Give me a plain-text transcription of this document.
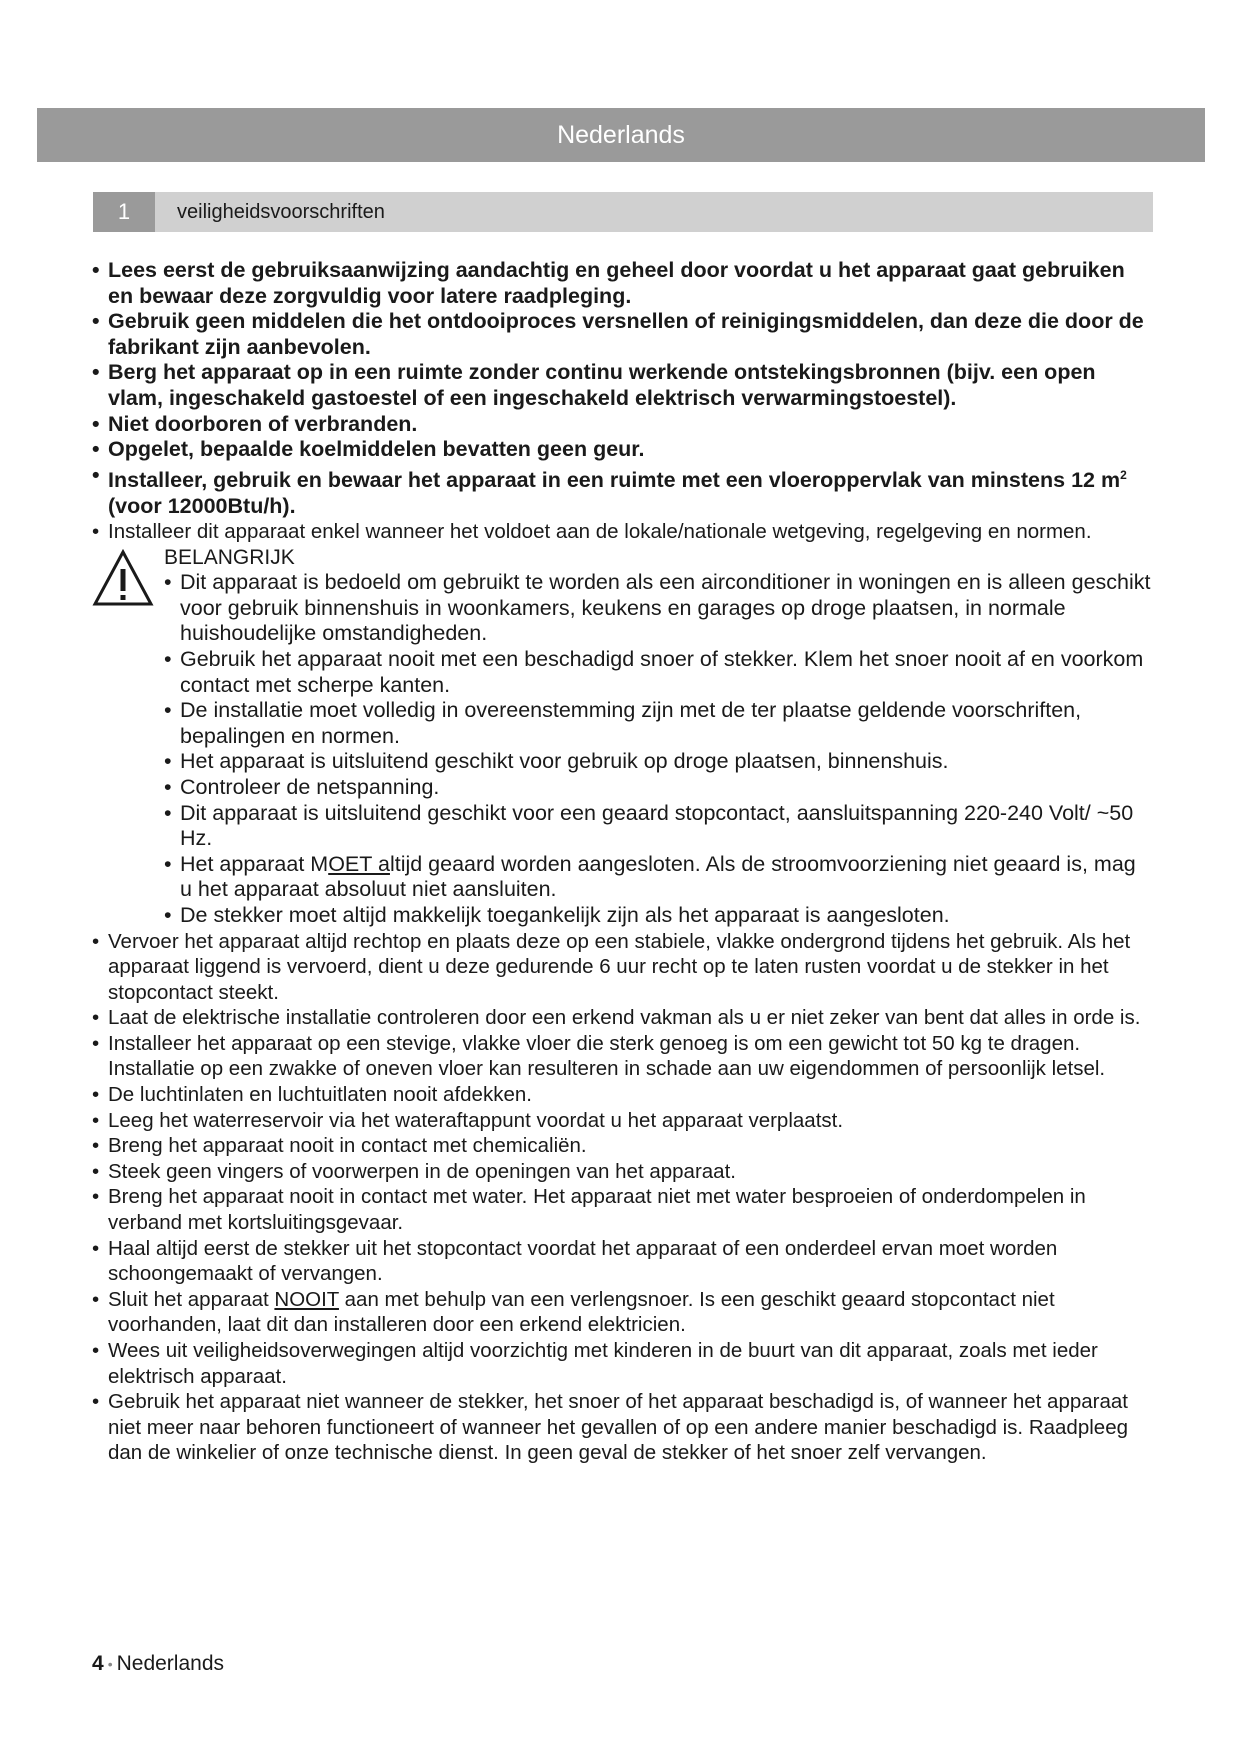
Nederlands
1	veiligheidsvoorschriften
• Lees eerst de gebruiksaanwijzing aandachtig en geheel door voordat u het apparaat gaat gebruiken en bewaar deze zorgvuldig voor latere raadpleging.
• Gebruik geen middelen die het ontdooiproces versnellen of reinigingsmiddelen, dan deze die door de fabrikant zijn aanbevolen.
• Berg het apparaat op in een ruimte zonder continu werkende ontstekingsbronnen (bijv. een open vlam, ingeschakeld gastoestel of een ingeschakeld elektrisch verwarmingstoestel).
• Niet doorboren of verbranden.
• Opgelet, bepaalde koelmiddelen bevatten geen geur.
• Installeer, gebruik en bewaar het apparaat in een ruimte met een vloeroppervlak van minstens 12 $m^2$ (voor 12000Btu/h).
• Installeer dit apparaat enkel wanneer het voldoet aan de lokale/nationale wetgeving, regelgeving en normen.
BELANGRIJK
• Dit apparaat is bedoeld om gebruikt te worden als een airconditioner in woningen en is alleen geschikt voor gebruik binnenshuis in woonkamers, keukens en garages op droge plaatsen, in normale huishoudelijke omstandigheden.
• Gebruik het apparaat nooit met een beschadigd snoer of stekker. Klem het snoer nooit af en voorkom contact met scherpe kanten.
• De installatie moet volledig in overeenstemming zijn met de ter plaatse geldende voorschriften, bepalingen en normen.
• Het apparaat is uitsluitend geschikt voor gebruik op droge plaatsen, binnenshuis.
• Controleer de netspanning.
• Dit apparaat is uitsluitend geschikt voor een geaard stopcontact, aansluitspanning 220-240 Volt/ ~50 Hz.
• Het apparaat MOET altijd geaard worden aangesloten. Als de stroomvoorziening niet geaard is, mag u het apparaat absoluut niet aansluiten.
• De stekker moet altijd makkelijk toegankelijk zijn als het apparaat is aangesloten.
• Vervoer het apparaat altijd rechtop en plaats deze op een stabiele, vlakke ondergrond tijdens het gebruik. Als het apparaat liggend is vervoerd, dient u deze gedurende 6 uur recht op te laten rusten voordat u de stekker in het stopcontact steekt.
• Laat de elektrische installatie controleren door een erkend vakman als u er niet zeker van bent dat alles in orde is.
• Installeer het apparaat op een stevige, vlakke vloer die sterk genoeg is om een gewicht tot 50 kg te dragen. Installatie op een zwakke of oneven vloer kan resulteren in schade aan uw eigendommen of persoonlijk letsel.
• De luchtinlaten en luchtuitlaten nooit afdekken.
• Leeg het waterreservoir via het wateraftappunt voordat u het apparaat verplaatst.
• Breng het apparaat nooit in contact met chemicaliën.
• Steek geen vingers of voorwerpen in de openingen van het apparaat.
• Breng het apparaat nooit in contact met water. Het apparaat niet met water besproeien of onderdompelen in verband met kortsluitingsgevaar.
• Haal altijd eerst de stekker uit het stopcontact voordat het apparaat of een onderdeel ervan moet worden schoongemaakt of vervangen.
• Sluit het apparaat NOOIT aan met behulp van een verlengsnoer. Is een geschikt geaard stopcontact niet voorhanden, laat dit dan installeren door een erkend elektricien.
• Wees uit veiligheidsoverwegingen altijd voorzichtig met kinderen in de buurt van dit apparaat, zoals met ieder elektrisch apparaat.
• Gebruik het apparaat niet wanneer de stekker, het snoer of het apparaat beschadigd is, of wanneer het apparaat niet meer naar behoren functioneert of wanneer het gevallen of op een andere manier beschadigd is. Raadpleeg dan de winkelier of onze technische dienst. In geen geval de stekker of het snoer zelf vervangen.
4 • Nederlands
